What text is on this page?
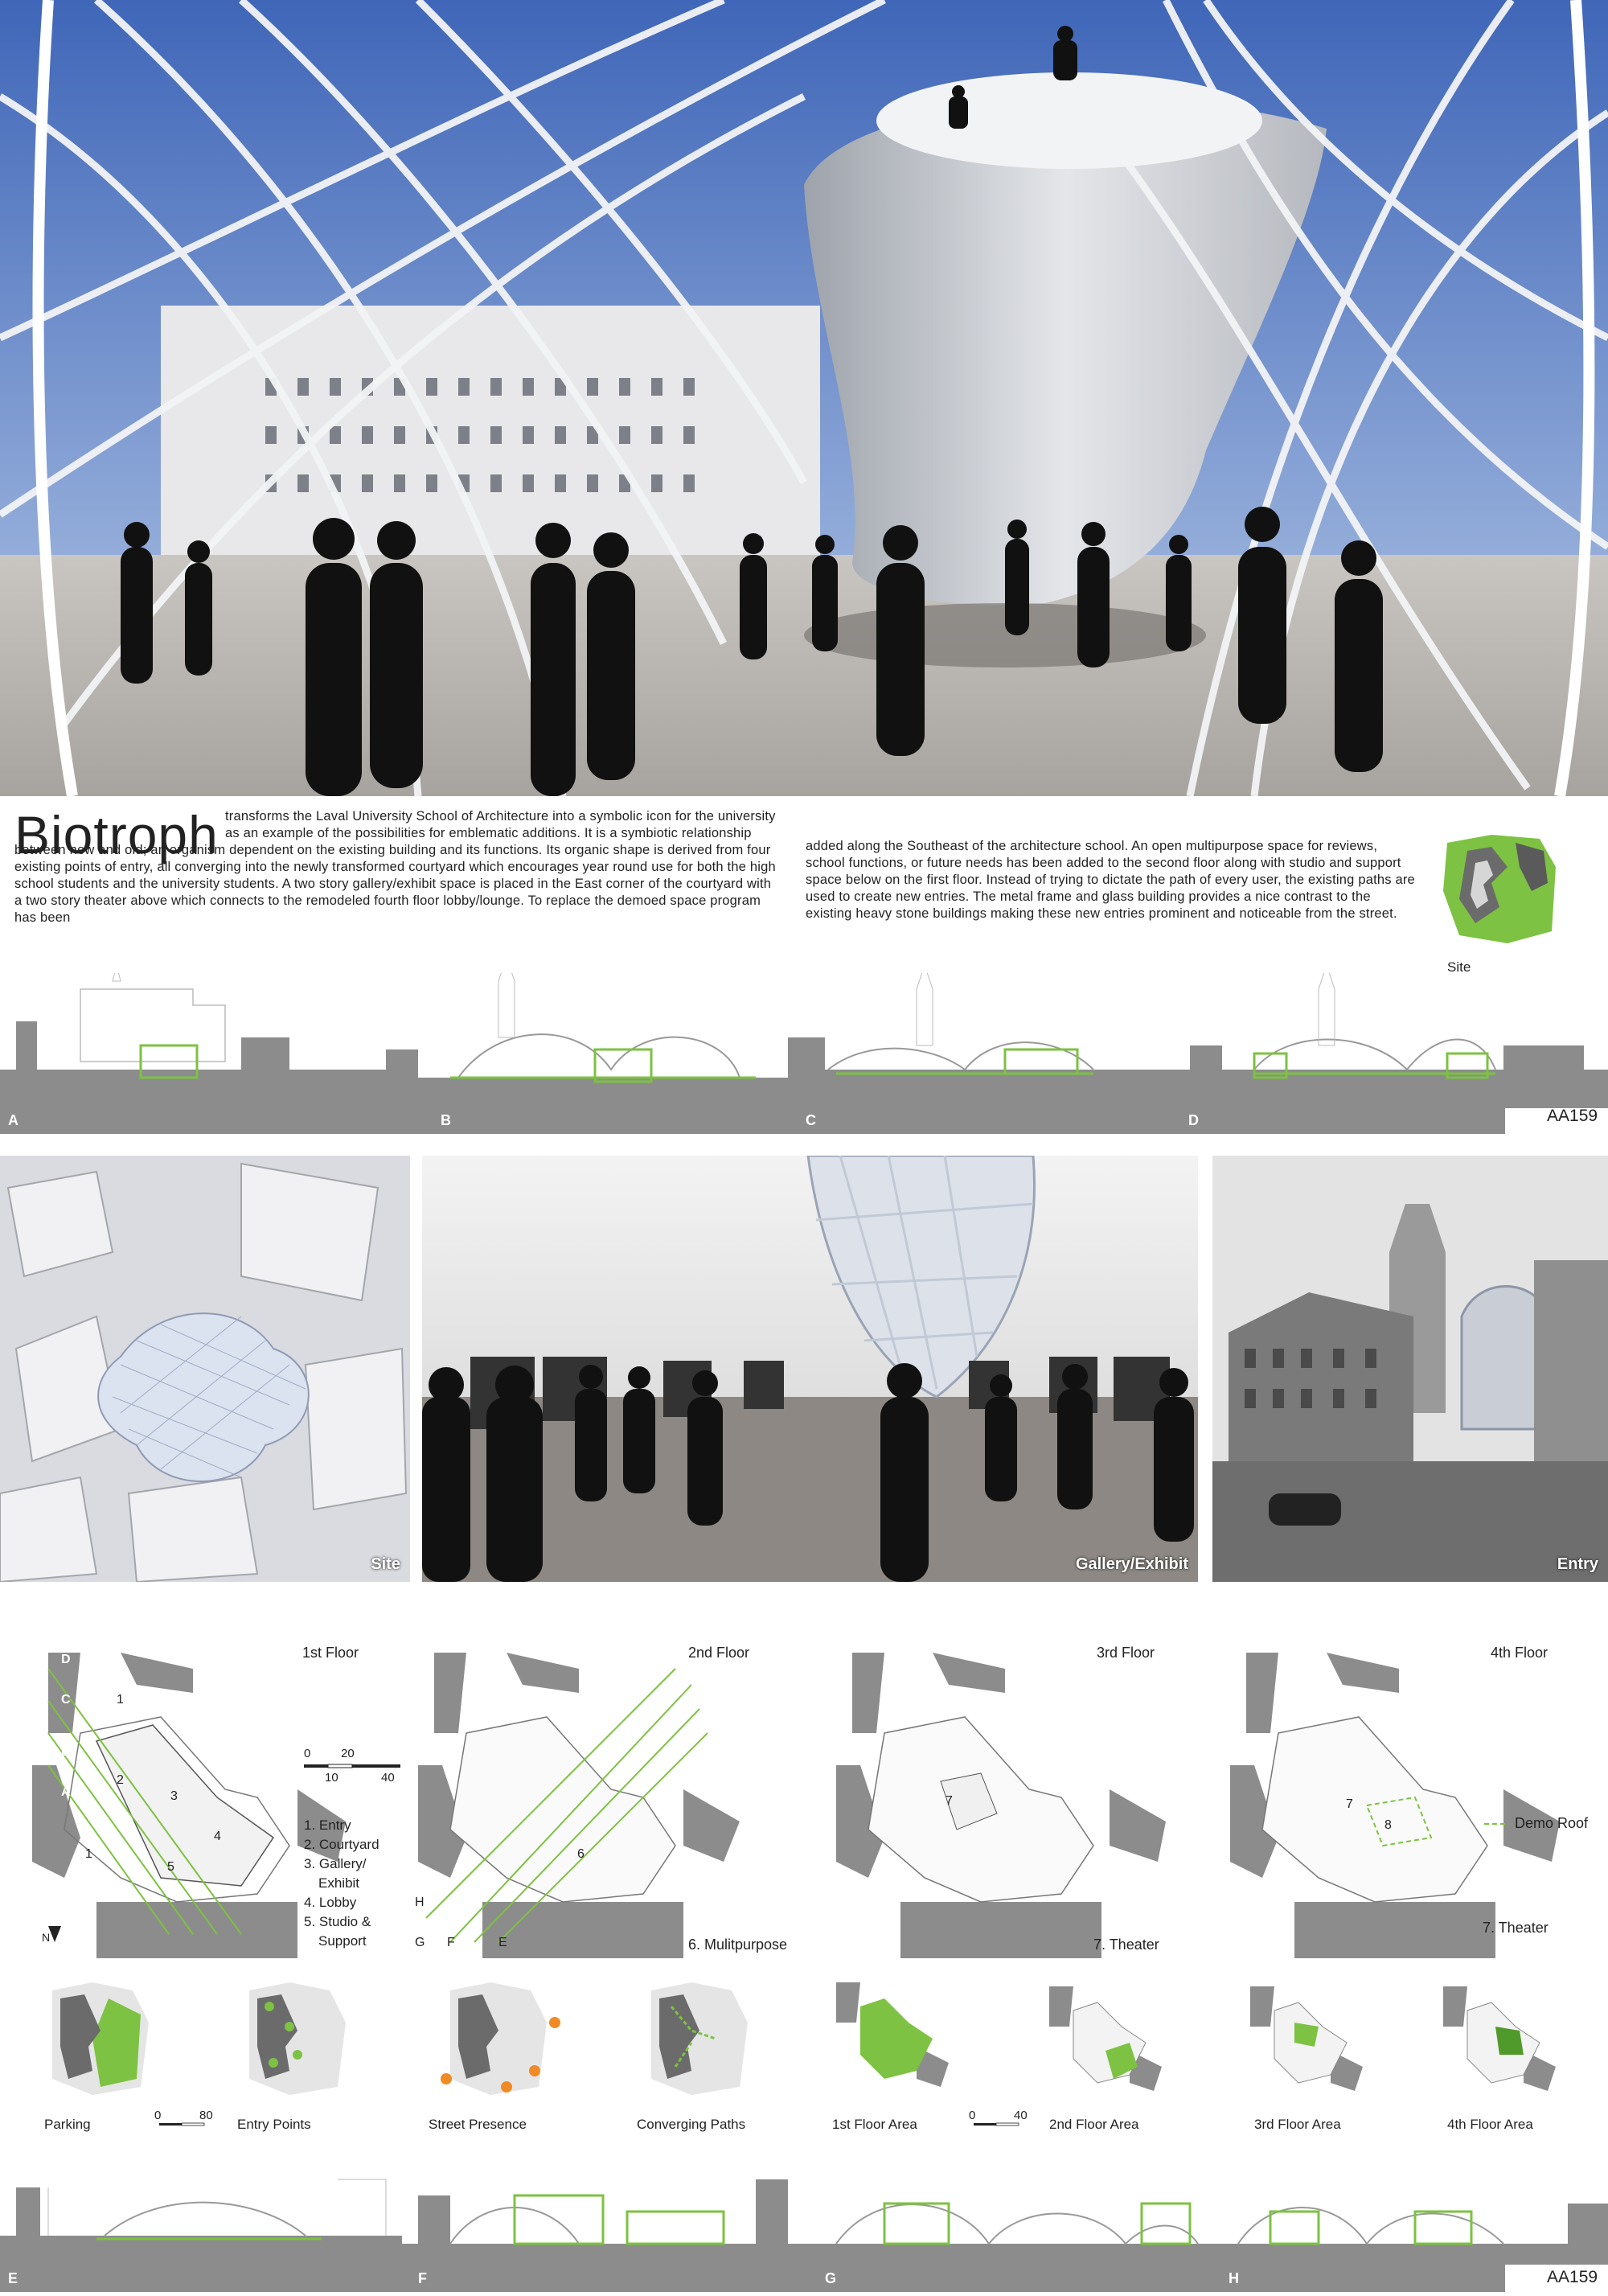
Biotroph transforms the Laval University School of Architecture into a symbolic icon for the university as an example of the possibilities for emblematic additions. It is a symbiotic relationship between new and old; an organism dependent on the existing building and its functions. Its organic shape is derived from four existing points of entry, all converging into the newly transformed courtyard which encourages year round use for both the high school students and the university students. A two story gallery/exhibit space is placed in the East corner of the courtyard with a two story theater above which connects to the remodeled fourth floor lobby/lounge. To replace the demoed space program has been
added along the Southeast of the architecture school. An open multipurpose space for reviews, school functions, or future needs has been added to the second floor along with studio and support space below on the first floor. Instead of trying to dictate the path of every user, the existing paths are used to create new entries. The metal frame and glass building provides a nice contrast to the existing heavy stone buildings making these new entries prominent and noticeable from the street.
Site
A	B	C	D	AA159
Site	Gallery/Exhibit	Entry
1st Floor
D
C
B
A
1
2
3
4
5
1
N
0	20
10	40
1. Entry
2. Courtyard
3. Gallery/
Exhibit
4. Lobby
5. Studio &
Support
2nd Floor
6
H
G F	E	6. Mulitpurpose
3rd Floor
7
7. Theater
4th Floor
7
8	Demo Roof
7. Theater
Parking	Entry Points	Street Presence	Converging Paths	1st Floor Area	2nd Floor Area	3rd Floor Area	4th Floor Area
0	80	0	40
E	F	G	H	AA159
